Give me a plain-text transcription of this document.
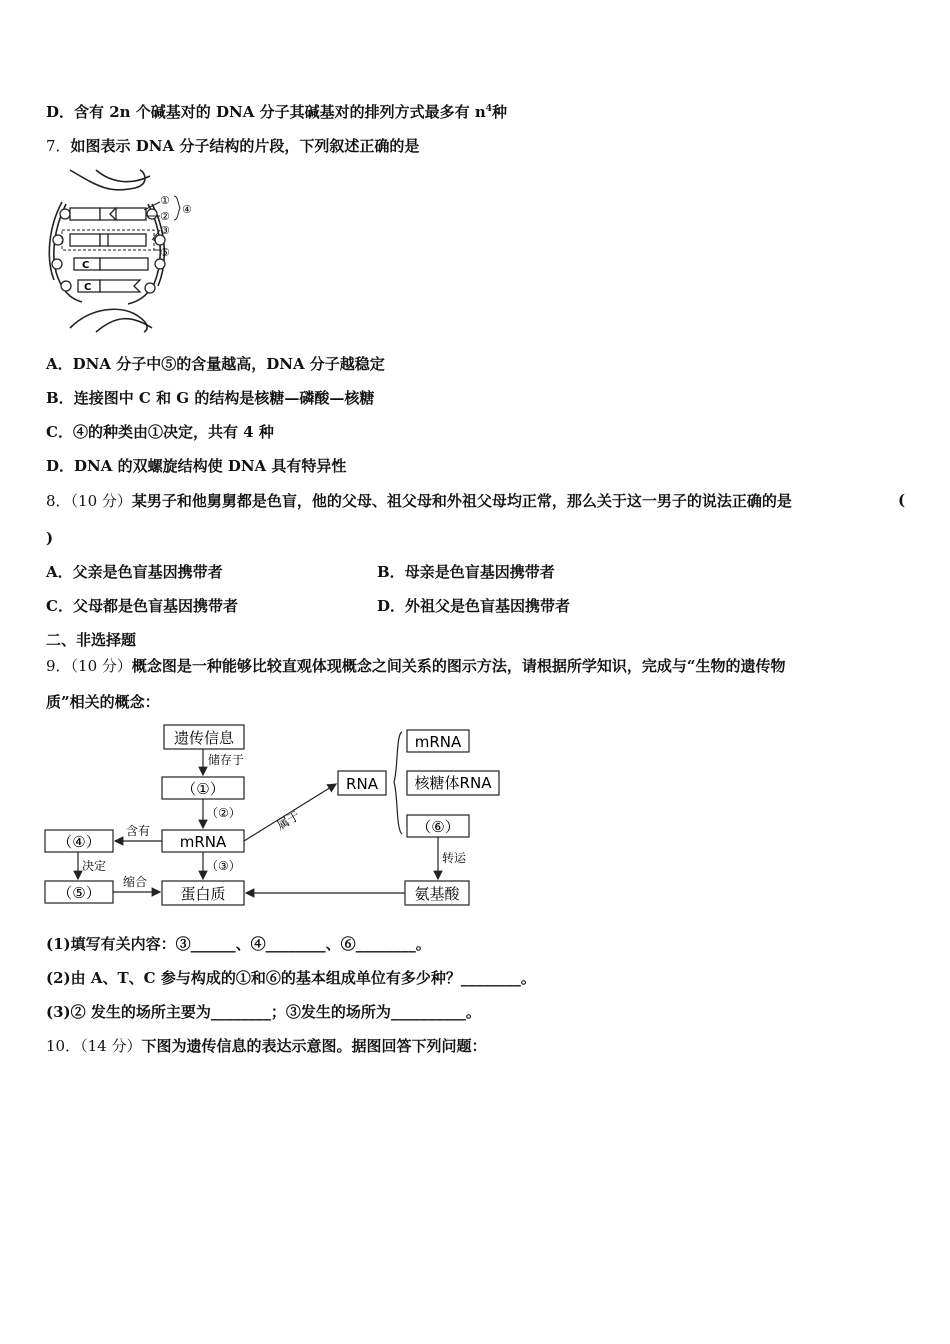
D．含有 2n 个碱基对的 DNA 分子其碱基对的排列方式最多有 $n^4$种
7．如图表示 DNA 分子结构的片段，下列叙述正确的是
C
C
①
②
③
④
⑤
A．DNA 分子中⑤的含量越高，DNA 分子越稳定
B．连接图中 C 和 G 的结构是核糖—磷酸—核糖
C．④的种类由①决定，共有 4 种
D．DNA 的双螺旋结构使 DNA 具有特异性
8．（10 分）某男子和他舅舅都是色盲，他的父母、祖父母和外祖父母均正常，那么关于这一男子的说法正确的是	(
)
A．父亲是色盲基因携带者	B．母亲是色盲基因携带者
C．父母都是色盲基因携带者	D．外祖父是色盲基因携带者
二、非选择题
9．（10 分）概念图是一种能够比较直观体现概念之间关系的图示方法，请根据所学知识，完成与“生物的遗传物
质”相关的概念：
遗传信息
（①）
（④）	mRNA
（⑤）	蛋白质
RNA
mRNA
核糖体RNA
（⑥）
氨基酸
储存于
（②）
含有	属于
（③）
决定
缩合
转运
(1)填写有关内容：③______、④________、⑥________。
(2)由 A、T、C 参与构成的①和⑥的基本组成单位有多少种？________。
(3)② 发生的场所主要为________；③发生的场所为__________。
10．（14 分）下图为遗传信息的表达示意图。据图回答下列问题：
